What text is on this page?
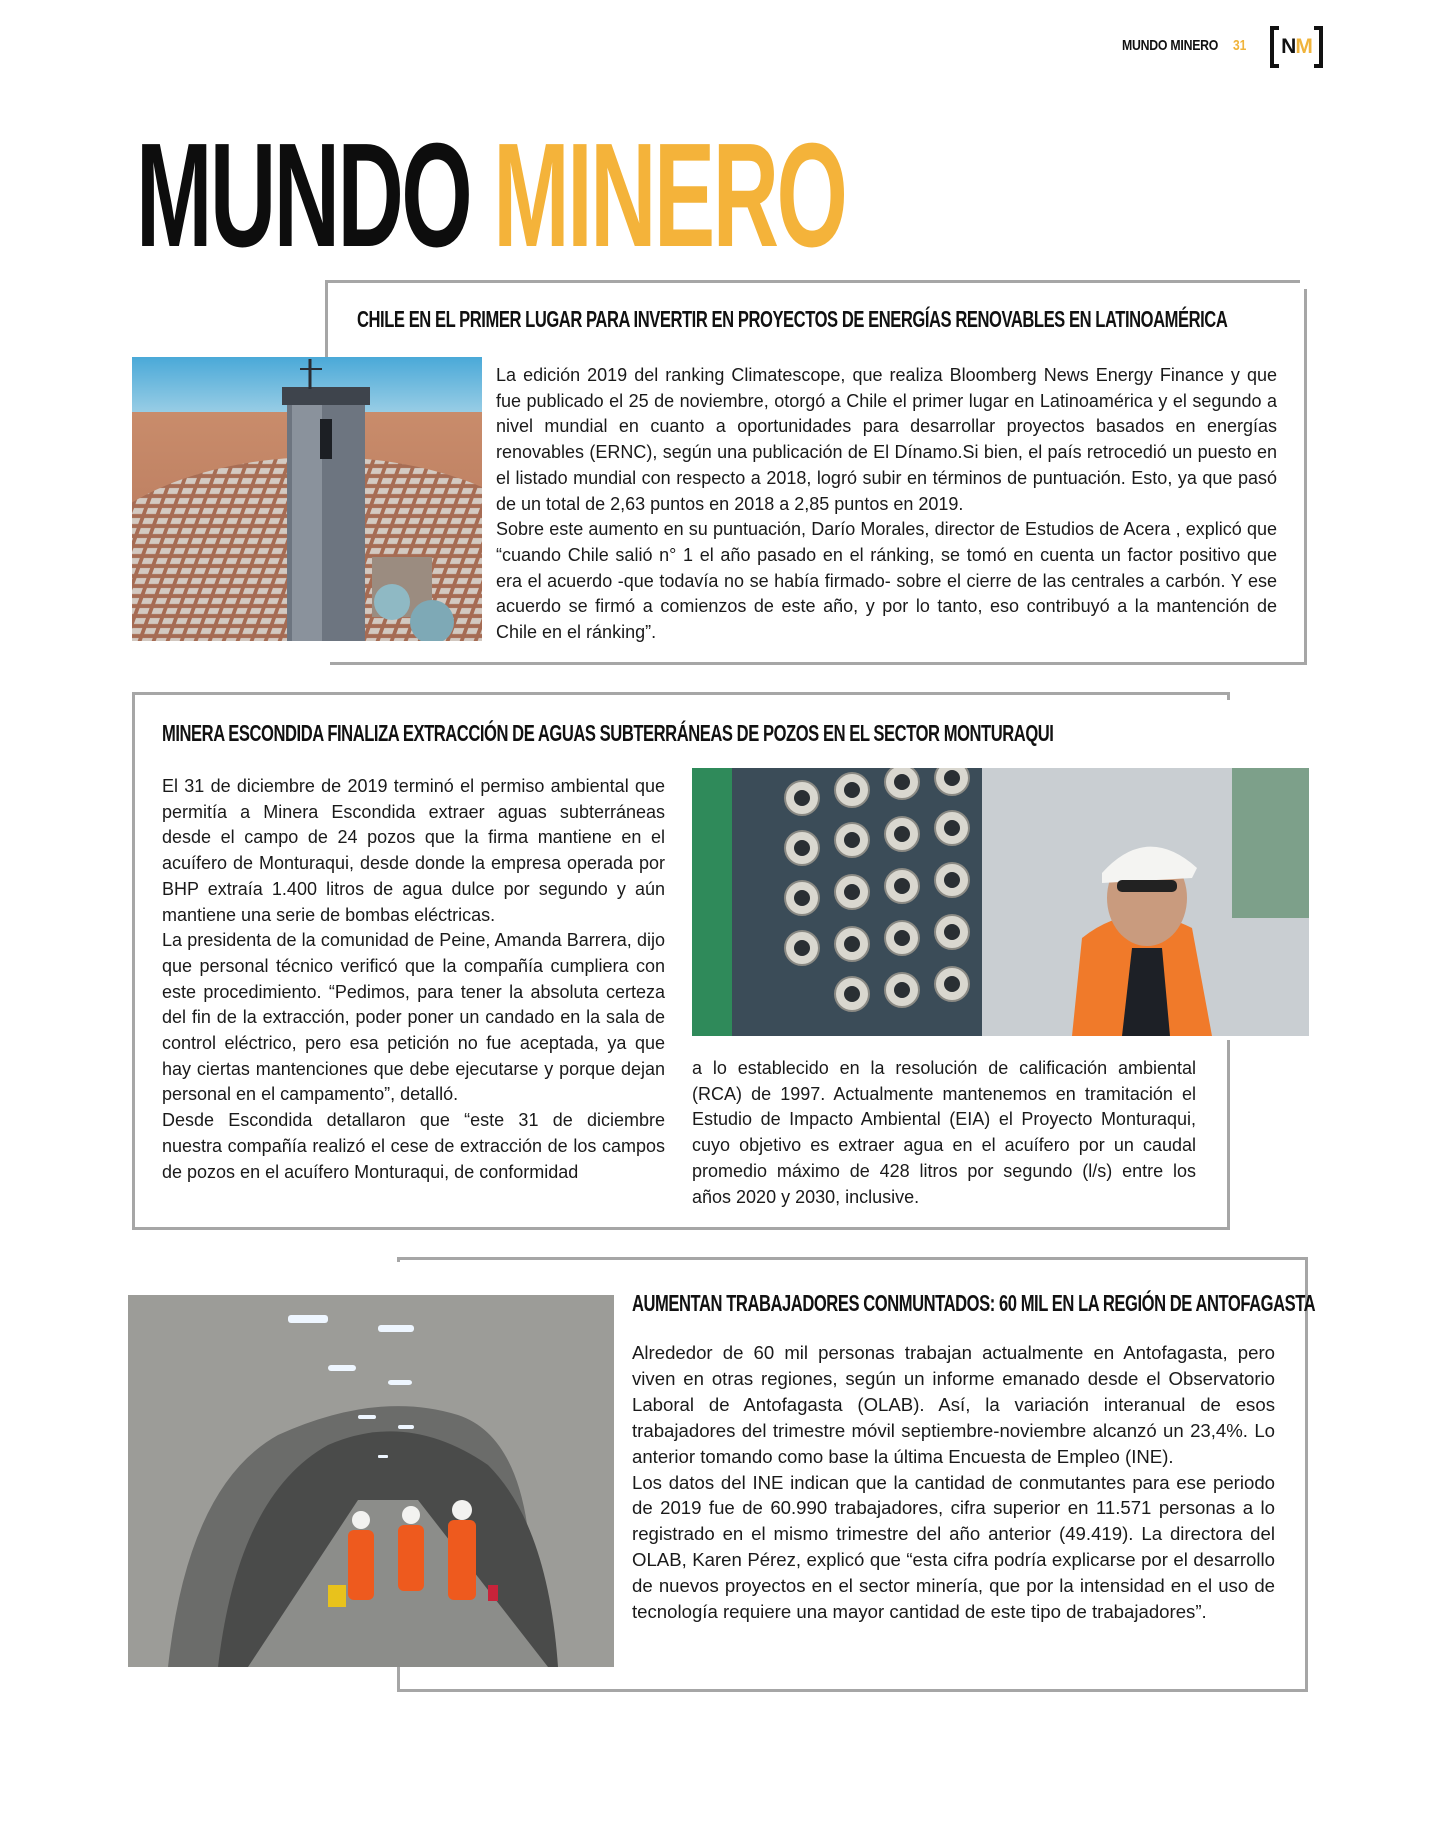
MUNDO MINERO 31 NM
MUNDO MINERO
CHILE EN EL PRIMER LUGAR PARA INVERTIR EN PROYECTOS DE ENERGÍAS RENOVABLES EN LATINOAMÉRICA

La edición 2019 del ranking Climatescope, que realiza Bloomberg News Energy Finance y que fue publicado el 25 de noviembre, otorgó a Chile el primer lugar en Latinoamérica y el segundo a nivel mundial en cuanto a oportunidades para desarrollar proyectos basados en energías renovables (ERNC), según una publicación de El Dínamo.Si bien, el país retrocedió un puesto en el listado mundial con respecto a 2018, logró subir en términos de puntuación. Esto, ya que pasó de un total de 2,63 puntos en 2018 a 2,85 puntos en 2019.

Sobre este aumento en su puntuación, Darío Morales, director de Estudios de Acera , explicó que “cuando Chile salió n° 1 el año pasado en el ránking, se tomó en cuenta un factor positivo que era el acuerdo -que todavía no se había firmado- sobre el cierre de las centrales a carbón. Y ese acuerdo se firmó a comienzos de este año, y por lo tanto, eso contribuyó a la mantención de Chile en el ránking”.

MINERA ESCONDIDA FINALIZA EXTRACCIÓN DE AGUAS SUBTERRÁNEAS DE POZOS EN EL SECTOR MONTURAQUI

El 31 de diciembre de 2019 terminó el permiso ambiental que permitía a Minera Escondida extraer aguas subterráneas desde el campo de 24 pozos que la firma mantiene en el acuífero de Monturaqui, desde donde la empresa operada por BHP extraía 1.400 litros de agua dulce por segundo y aún mantiene una serie de bombas eléctricas.

La presidenta de la comunidad de Peine, Amanda Barrera, dijo que personal técnico verificó que la compañía cumpliera con este procedimiento. “Pedimos, para tener la absoluta certeza del fin de la extracción, poder poner un candado en la sala de control eléctrico, pero esa petición no fue aceptada, ya que hay ciertas mantenciones que debe ejecutarse y porque dejan personal en el campamento”, detalló.

Desde Escondida detallaron que “este 31 de diciembre nuestra compañía realizó el cese de extracción de los campos de pozos en el acuífero Monturaqui, de conformidad

a lo establecido en la resolución de calificación ambiental (RCA) de 1997. Actualmente mantenemos en tramitación el Estudio de Impacto Ambiental (EIA) el Proyecto Monturaqui, cuyo objetivo es extraer agua en el acuífero por un caudal promedio máximo de 428 litros por segundo (l/s) entre los años 2020 y 2030, inclusive.

AUMENTAN TRABAJADORES CONMUNTADOS: 60 MIL EN LA REGIÓN DE ANTOFAGASTA

Alrededor de 60 mil personas trabajan actualmente en Antofagasta, pero viven en otras regiones, según un informe emanado desde el Observatorio Laboral de Antofagasta (OLAB). Así, la variación interanual de esos trabajadores del trimestre móvil septiembre-noviembre alcanzó un 23,4%. Lo anterior tomando como base la última Encuesta de Empleo (INE).

Los datos del INE indican que la cantidad de conmutantes para ese periodo de 2019 fue de 60.990 trabajadores, cifra superior en 11.571 personas a lo registrado en el mismo trimestre del año anterior (49.419). La directora del OLAB, Karen Pérez, explicó que “esta cifra podría explicarse por el desarrollo de nuevos proyectos en el sector minería, que por la intensidad en el uso de tecnología requiere una mayor cantidad de este tipo de trabajadores”.
